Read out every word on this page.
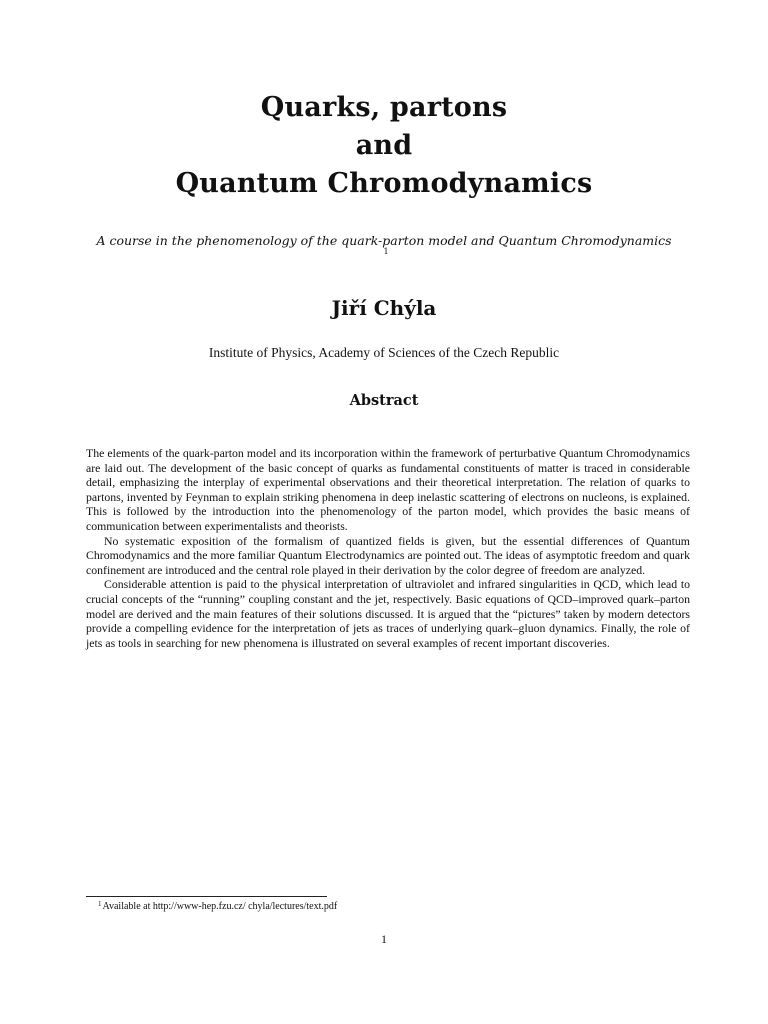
Quarks, partons
and
Quantum Chromodynamics
A course in the phenomenology of the quark-parton model and Quantum Chromodynamics
1
Jiří Chýla
Institute of Physics, Academy of Sciences of the Czech Republic
Abstract

The elements of the quark-parton model and its incorporation within the framework of perturbative Quantum Chromodynamics are laid out. The development of the basic concept of quarks as fundamental constituents of matter is traced in considerable detail, emphasizing the interplay of experimental observations and their theoretical interpretation. The relation of quarks to partons, invented by Feynman to explain striking phenomena in deep inelastic scattering of electrons on nucleons, is explained. This is followed by the introduction into the phenomenology of the parton model, which provides the basic means of communication between experimentalists and theorists.

No systematic exposition of the formalism of quantized fields is given, but the essential differences of Quantum Chromodynamics and the more familiar Quantum Electrodynamics are pointed out. The ideas of asymptotic freedom and quark confinement are introduced and the central role played in their derivation by the color degree of freedom are analyzed.

Considerable attention is paid to the physical interpretation of ultraviolet and infrared singularities in QCD, which lead to crucial concepts of the “running” coupling constant and the jet, respectively. Basic equations of QCD–improved quark–parton model are derived and the main features of their solutions discussed. It is argued that the “pictures” taken by modern detectors provide a compelling evidence for the interpretation of jets as traces of underlying quark–gluon dynamics. Finally, the role of jets as tools in searching for new phenomena is illustrated on several examples of recent important discoveries.

$^1$Available at http://www-hep.fzu.cz/ chyla/lectures/text.pdf
1
